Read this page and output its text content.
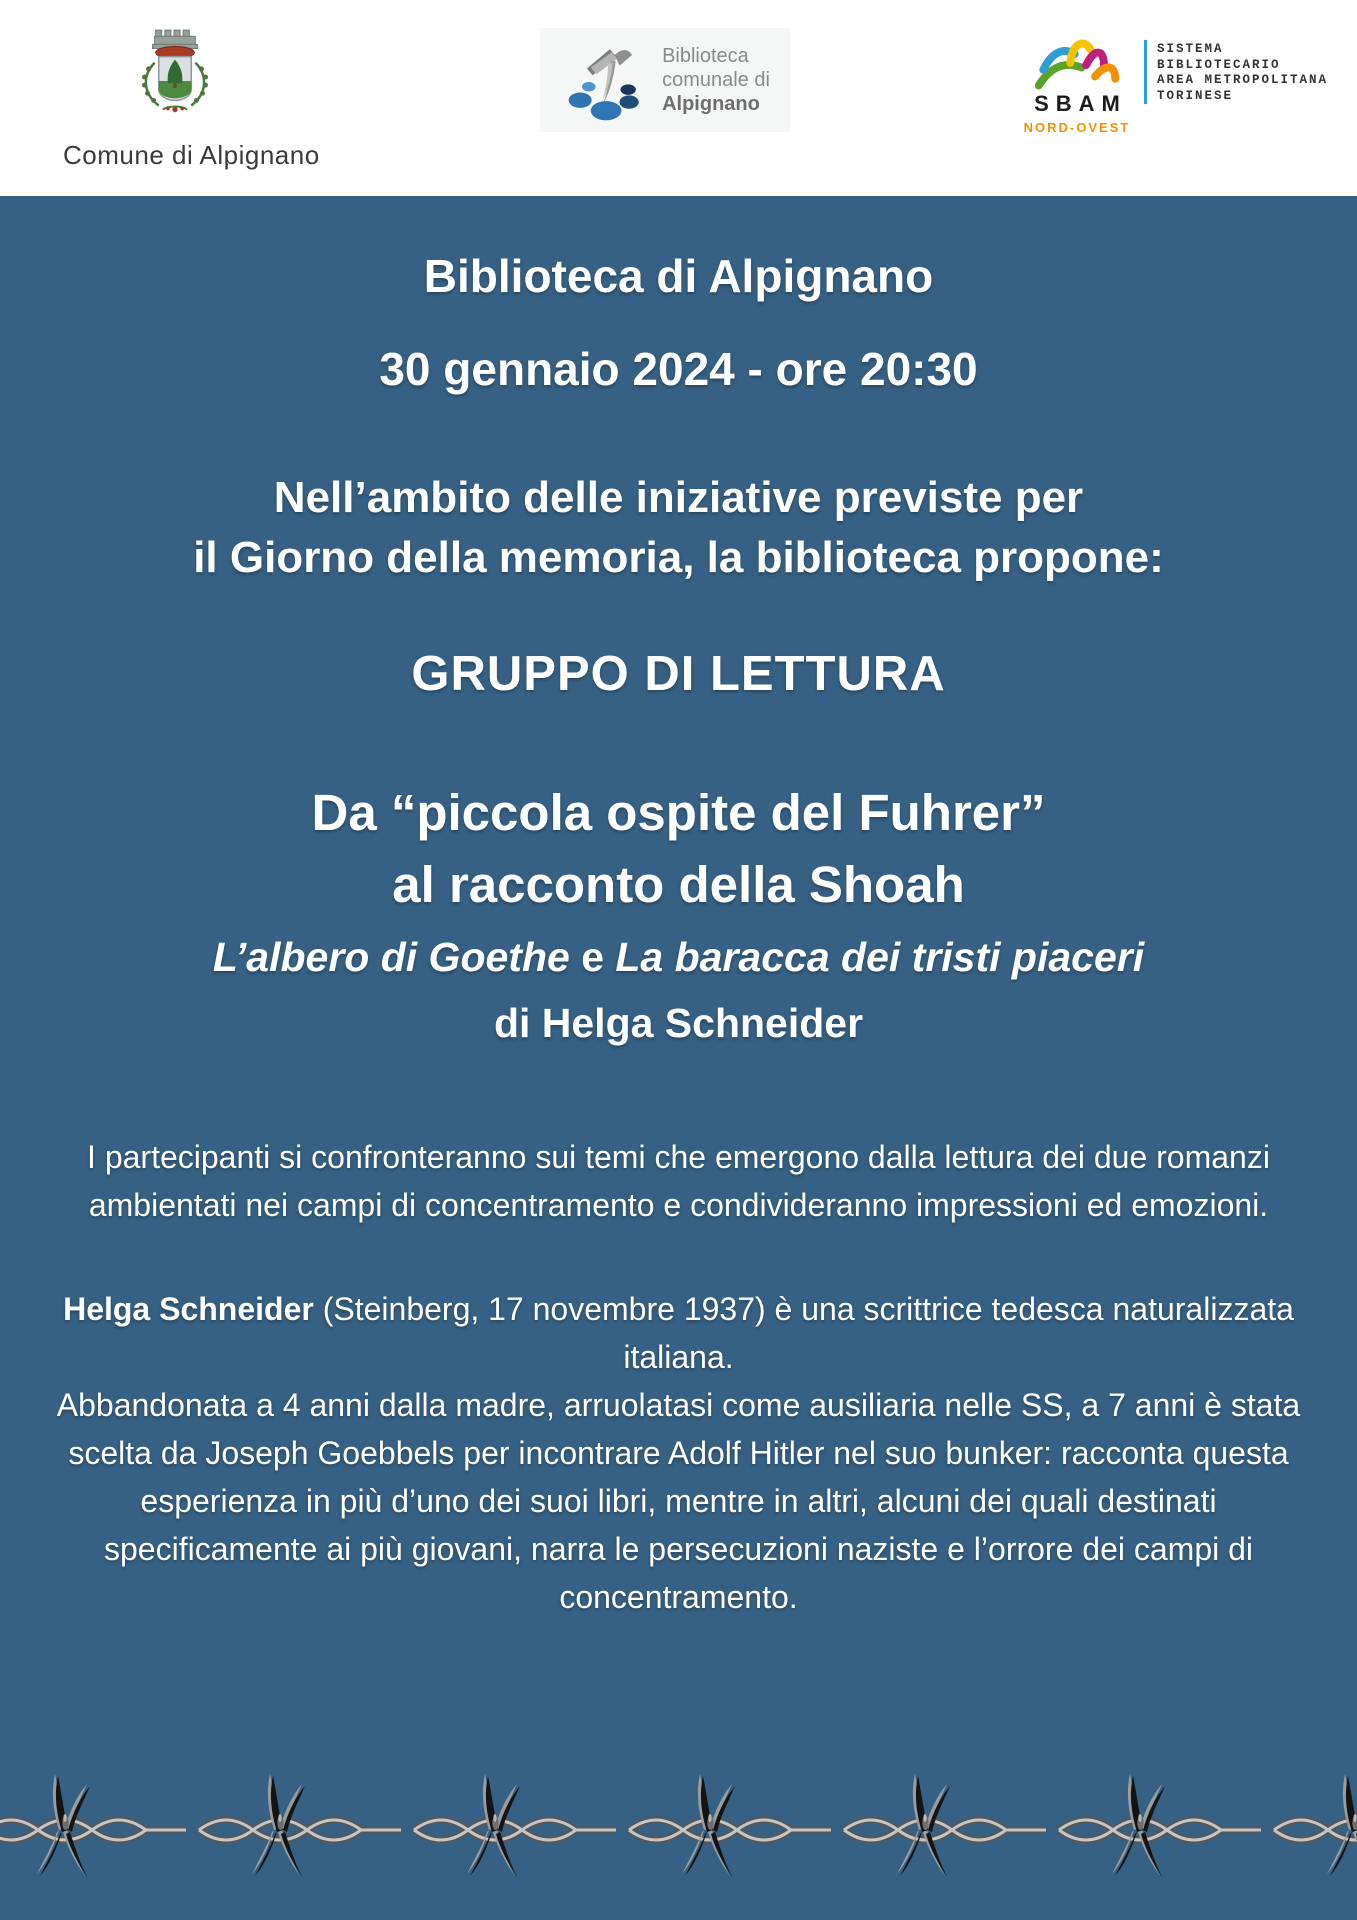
Comune di Alpignano
Biblioteca
comunale di
Alpignano	SBAM
NORD-OVEST
SISTEMA
BIBLIOTECARIO
AREA METROPOLITANA
TORINESE
Biblioteca di Alpignano
30 gennaio 2024 - ore 20:30
Nell’ambito delle iniziative previste per
il Giorno della memoria, la biblioteca propone:
GRUPPO DI LETTURA
Da “piccola ospite del Fuhrer”
al racconto della Shoah
L’albero di Goethe e La baracca dei tristi piaceri
di Helga Schneider

I partecipanti si confronteranno sui temi che emergono dalla lettura dei due romanzi ambientati nei campi di concentramento e condivideranno impressioni ed emozioni.

Helga Schneider (Steinberg, 17 novembre 1937) è una scrittrice tedesca naturalizzata italiana.
Abbandonata a 4 anni dalla madre, arruolatasi come ausiliaria nelle SS, a 7 anni è stata scelta da Joseph Goebbels per incontrare Adolf Hitler nel suo bunker: racconta questa esperienza in più d’uno dei suoi libri, mentre in altri, alcuni dei quali destinati specificamente ai più giovani, narra le persecuzioni naziste e l’orrore dei campi di concentramento.
